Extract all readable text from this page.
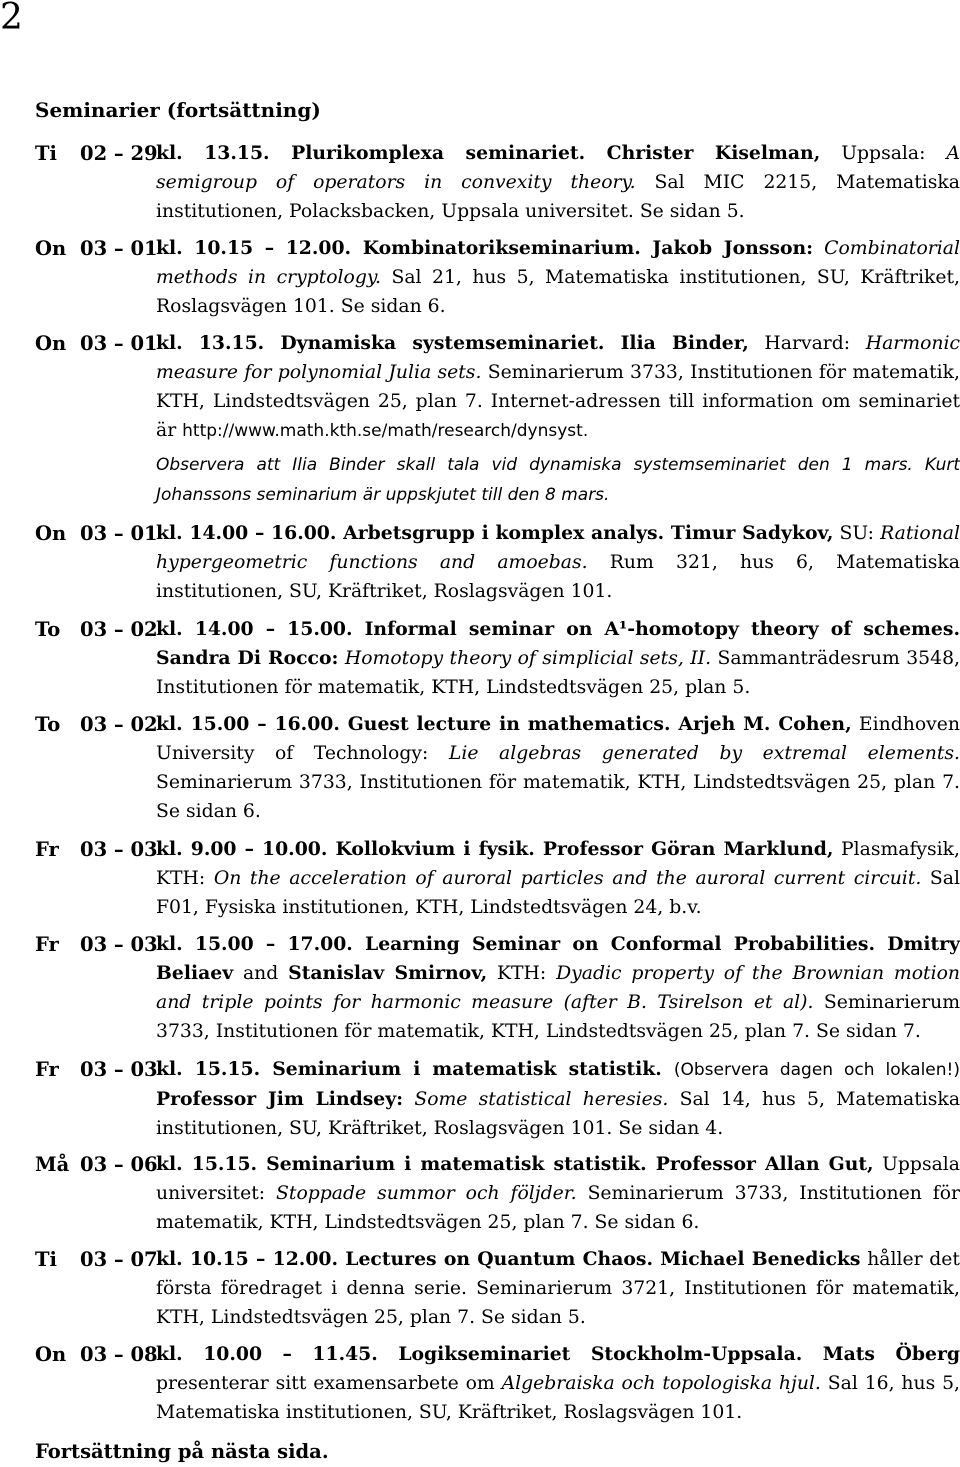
2
Seminarier (fortsättning)
Ti 02 – 29
kl. 13.15. Plurikomplexa seminariet. Christer Kiselman, Uppsala: A semigroup of operators in convexity theory. Sal MIC 2215, Matematiska institutionen, Polacksbacken, Uppsala universitet. Se sidan 5.
On 03 – 01
kl. 10.15 – 12.00. Kombinatorikseminarium. Jakob Jonsson: Combinatorial methods in cryptology. Sal 21, hus 5, Matematiska institutionen, SU, Kräftriket, Roslagsvägen 101. Se sidan 6.
On 03 – 01
kl. 13.15. Dynamiska systemseminariet. Ilia Binder, Harvard: Harmonic measure for polynomial Julia sets. Seminarierum 3733, Institutionen för matematik, KTH, Lindstedtsvägen 25, plan 7. Internet-adressen till information om seminariet är http://www.math.kth.se/math/research/dynsyst.
Observera att Ilia Binder skall tala vid dynamiska systemseminariet den 1 mars. Kurt Johanssons seminarium är uppskjutet till den 8 mars.
On 03 – 01
kl. 14.00 – 16.00. Arbetsgrupp i komplex analys. Timur Sadykov, SU: Rational hypergeometric functions and amoebas. Rum 321, hus 6, Matematiska institutionen, SU, Kräftriket, Roslagsvägen 101.
To 03 – 02
kl. 14.00 – 15.00. Informal seminar on A¹-homotopy theory of schemes. Sandra Di Rocco: Homotopy theory of simplicial sets, II. Sammanträdesrum 3548, Institutionen för matematik, KTH, Lindstedtsvägen 25, plan 5.
To 03 – 02
kl. 15.00 – 16.00. Guest lecture in mathematics. Arjeh M. Cohen, Eindhoven University of Technology: Lie algebras generated by extremal elements. Seminarierum 3733, Institutionen för matematik, KTH, Lindstedtsvägen 25, plan 7. Se sidan 6.
Fr 03 – 03
kl. 9.00 – 10.00. Kollokvium i fysik. Professor Göran Marklund, Plasmafysik, KTH: On the acceleration of auroral particles and the auroral current circuit. Sal F01, Fysiska institutionen, KTH, Lindstedtsvägen 24, b.v.
Fr 03 – 03
kl. 15.00 – 17.00. Learning Seminar on Conformal Probabilities. Dmitry Beliaev and Stanislav Smirnov, KTH: Dyadic property of the Brownian motion and triple points for harmonic measure (after B. Tsirelson et al). Seminarierum 3733, Institutionen för matematik, KTH, Lindstedtsvägen 25, plan 7. Se sidan 7.
Fr 03 – 03
kl. 15.15. Seminarium i matematisk statistik. (Observera dagen och lokalen!) Professor Jim Lindsey: Some statistical heresies. Sal 14, hus 5, Matematiska institutionen, SU, Kräftriket, Roslagsvägen 101. Se sidan 4.
Må 03 – 06
kl. 15.15. Seminarium i matematisk statistik. Professor Allan Gut, Uppsala universitet: Stoppade summor och följder. Seminarierum 3733, Institutionen för matematik, KTH, Lindstedtsvägen 25, plan 7. Se sidan 6.
Ti 03 – 07
kl. 10.15 – 12.00. Lectures on Quantum Chaos. Michael Benedicks håller det första föredraget i denna serie. Seminarierum 3721, Institutionen för matematik, KTH, Lindstedtsvägen 25, plan 7. Se sidan 5.
On 03 – 08
kl. 10.00 – 11.45. Logikseminariet Stockholm-Uppsala. Mats Öberg presenterar sitt examensarbete om Algebraiska och topologiska hjul. Sal 16, hus 5, Matematiska institutionen, SU, Kräftriket, Roslagsvägen 101.
Fortsättning på nästa sida.
